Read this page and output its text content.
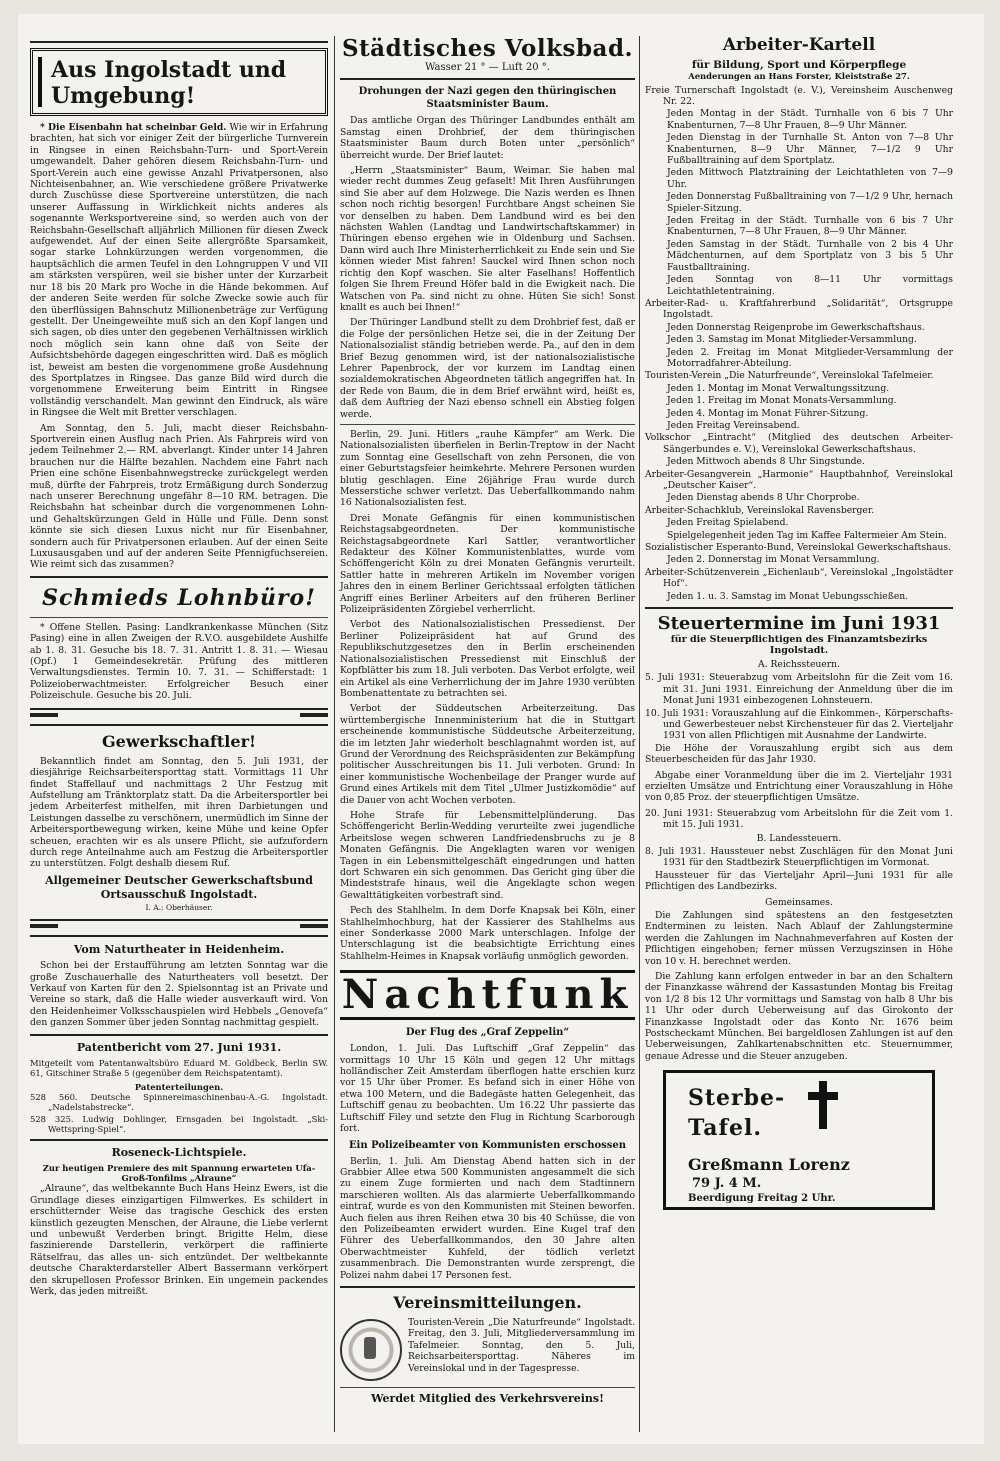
Aus Ingolstadt und Umgebung!

* Die Eisenbahn hat scheinbar Geld. Wie wir in Erfahrung brachten, hat sich vor einiger Zeit der bürgerliche Turnverein in Ringsee in einen Reichsbahn-Turn- und Sport-Verein umgewandelt. Daher gehören diesem Reichsbahn-Turn- und Sport-Verein auch eine gewisse Anzahl Privatpersonen, also Nichteisenbahner, an. Wie verschiedene größere Privatwerke durch Zuschüsse diese Sportvereine unterstützen, die nach unserer Auffassung in Wirklichkeit nichts anderes als sogenannte Werksportvereine sind, so werden auch von der Reichsbahn-Gesellschaft alljährlich Millionen für diesen Zweck aufgewendet. Auf der einen Seite allergrößte Sparsamkeit, sogar starke Lohnkürzungen werden vorgenommen, die hauptsächlich die armen Teufel in den Lohngruppen V und VII am stärksten verspüren, weil sie bisher unter der Kurzarbeit nur 18 bis 20 Mark pro Woche in die Hände bekommen. Auf der anderen Seite werden für solche Zwecke sowie auch für den überflüssigen Bahnschutz Millionenbeträge zur Verfügung gestellt. Der Uneingeweihte muß sich an den Kopf langen und sich sagen, ob dies unter den gegebenen Verhältnissen wirklich noch möglich sein kann ohne daß von Seite der Aufsichtsbehörde dagegen eingeschritten wird. Daß es möglich ist, beweist am besten die vorgenommene große Ausdehnung des Sportplatzes in Ringsee. Das ganze Bild wird durch die vorgenommene Erweiterung beim Eintritt in Ringsee vollständig verschandelt. Man gewinnt den Eindruck, als wäre in Ringsee die Welt mit Bretter verschlagen.

Am Sonntag, den 5. Juli, macht dieser Reichsbahn-Sportverein einen Ausflug nach Prien. Als Fahrpreis wird von jedem Teilnehmer 2.— RM. abverlangt. Kinder unter 14 Jahren brauchen nur die Hälfte bezahlen. Nachdem eine Fahrt nach Prien eine schöne Eisenbahnwegstrecke zurückgelegt werden muß, dürfte der Fahrpreis, trotz Ermäßigung durch Sonderzug nach unserer Berechnung ungefähr 8—10 RM. betragen. Die Reichsbahn hat scheinbar durch die vorgenommenen Lohn- und Gehaltskürzungen Geld in Hülle und Fülle. Denn sonst könnte sie sich diesen Luxus nicht nur für Eisenbahner, sondern auch für Privatpersonen erlauben. Auf der einen Seite Luxusausgaben und auf der anderen Seite Pfennigfuchsereien. Wie reimt sich das zusammen?

Schmieds Lohnbüro!

* Offene Stellen. Pasing: Landkrankenkasse München (Sitz Pasing) eine in allen Zweigen der R.V.O. ausgebildete Aushilfe ab 1. 8. 31. Gesuche bis 18. 7. 31. Antritt 1. 8. 31. — Wiesau (Opf.) 1 Gemeindesekretär. Prüfung des mittleren Verwaltungsdienstes. Termin 10. 7. 31. — Schifferstadt: 1 Polizeioberwachtmeister. Erfolgreicher Besuch einer Polizeischule. Gesuche bis 20. Juli.

Gewerkschaftler!

Bekanntlich findet am Sonntag, den 5. Juli 1931, der diesjährige Reichsarbeitersporttag statt. Vormittags 11 Uhr findet Staffellauf und nachmittags 2 Uhr Festzug mit Aufstellung am Tränktorplatz statt. Da die Arbeitersportler bei jedem Arbeiterfest mithelfen, mit ihren Darbietungen und Leistungen dasselbe zu verschönern, unermüdlich im Sinne der Arbeitersportbewegung wirken, keine Mühe und keine Opfer scheuen, erachten wir es als unsere Pflicht, sie aufzufordern durch rege Anteilnahme auch am Festzug die Arbeitersportler zu unterstützen. Folgt deshalb diesem Ruf.

Allgemeiner Deutscher Gewerkschaftsbund
Ortsausschuß Ingolstadt.
I. A.: Oberhäuser.
Vom Naturtheater in Heidenheim.

Schon bei der Erstaufführung am letzten Sonntag war die große Zuschauerhalle des Naturtheaters voll besetzt. Der Verkauf von Karten für den 2. Spielsonntag ist an Private und Vereine so stark, daß die Halle wieder ausverkauft wird. Von den Heidenheimer Volksschauspielen wird Hebbels „Genovefa“ den ganzen Sommer über jeden Sonntag nachmittag gespielt.

Patentbericht vom 27. Juni 1931.

Mitgeteilt vom Patentanwaltsbüro Eduard M. Goldbeck, Berlin SW. 61, Gitschiner Straße 5 (gegenüber dem Reichspatentamt).

Patenterteilungen.

528 560. Deutsche Spinnereimaschinenbau-A.-G. Ingolstadt. „Nadelstabstrecke“.

528 325. Ludwig Dohlinger, Ernsgaden bei Ingolstadt. „Ski-Wettspring-Spiel“.

Roseneck-Lichtspiele.
Zur heutigen Premiere des mit Spannung erwarteten Ufa-Groß-Tonfilms „Alraune“

„Alraune“, das weltbekannte Buch Hans Heinz Ewers, ist die Grundlage dieses einzigartigen Filmwerkes. Es schildert in erschütternder Weise das tragische Geschick des ersten künstlich gezeugten Menschen, der Alraune, die Liebe verlernt und unbewußt Verderben bringt. Brigitte Helm, diese faszinierende Darstellerin, verkörpert die raffinierte Rätselfrau, das alles un- sich entzündet. Der weltbekannte deutsche Charakterdarsteller Albert Bassermann verkörpert den skrupellosen Professor Brinken. Ein ungemein packendes Werk, das jeden mitreißt.

Städtisches Volksbad.
Wasser 21 ° — Luft 20 °.
Drohungen der Nazi gegen den thüringischen Staatsminister Baum.

Das amtliche Organ des Thüringer Landbundes enthält am Samstag einen Drohbrief, der dem thüringischen Staatsminister Baum durch Boten unter „persönlich“ überreicht wurde. Der Brief lautet:

„Herrn „Staatsminister“ Baum, Weimar. Sie haben mal wieder recht dummes Zeug gefaselt! Mit Ihren Ausführungen sind Sie aber auf dem Holzwege. Die Nazis werden es Ihnen schon noch richtig besorgen! Furchtbare Angst scheinen Sie vor denselben zu haben. Dem Landbund wird es bei den nächsten Wahlen (Landtag und Landwirtschaftskammer) in Thüringen ebenso ergehen wie in Oldenburg und Sachsen. Dann wird auch Ihre Ministerherrlichkeit zu Ende sein und Sie können wieder Mist fahren! Sauckel wird Ihnen schon noch richtig den Kopf waschen. Sie alter Faselhans! Hoffentlich folgen Sie Ihrem Freund Höfer bald in die Ewigkeit nach. Die Watschen von Pa. sind nicht zu ohne. Hüten Sie sich! Sonst knallt es auch bei Ihnen!“

Der Thüringer Landbund stellt zu dem Drohbrief fest, daß er die Folge der persönlichen Hetze sei, die in der Zeitung Der Nationalsozialist ständig betrieben werde. Pa., auf den in dem Brief Bezug genommen wird, ist der nationalsozialistische Lehrer Papenbrock, der vor kurzem im Landtag einen sozialdemokratischen Abgeordneten tätlich angegriffen hat. In der Rede von Baum, die in dem Brief erwähnt wird, heißt es, daß dem Auftrieg der Nazi ebenso schnell ein Abstieg folgen werde.

Berlin, 29. Juni. Hitlers „rauhe Kämpfer“ am Werk. Die Nationalsozialisten überfielen in Berlin-Treptow in der Nacht zum Sonntag eine Gesellschaft von zehn Personen, die von einer Geburtstagsfeier heimkehrte. Mehrere Personen wurden blutig geschlagen. Eine 26jährige Frau wurde durch Messerstiche schwer verletzt. Das Ueberfallkommando nahm 16 Nationalsozialisten fest.

Drei Monate Gefängnis für einen kommunistischen Reichstagsabgeordneten. Der kommunistische Reichstagsabgeordnete Karl Sattler, verantwortlicher Redakteur des Kölner Kommunistenblattes, wurde vom Schöffengericht Köln zu drei Monaten Gefängnis verurteilt. Sattler hatte in mehreren Artikeln im November vorigen Jahres den in einem Berliner Gerichtssaal erfolgten tätlichen Angriff eines Berliner Arbeiters auf den früheren Berliner Polizeipräsidenten Zörgiebel verherrlicht.

Verbot des Nationalsozialistischen Pressedienst. Der Berliner Polizeipräsident hat auf Grund des Republikschutzgesetzes den in Berlin erscheinenden Nationalsozialistischen Pressedienst mit Einschluß der Kopfblätter bis zum 18. Juli verboten. Das Verbot erfolgte, weil ein Artikel als eine Verherrlichung der im Jahre 1930 verübten Bombenattentate zu betrachten sei.

Verbot der Süddeutschen Arbeiterzeitung. Das württembergische Innenministerium hat die in Stuttgart erscheinende kommunistische Süddeutsche Arbeiterzeitung, die im letzten Jahr wiederholt beschlagnahmt worden ist, auf Grund der Verordnung des Reichspräsidenten zur Bekämpfung politischer Ausschreitungen bis 11. Juli verboten. Grund: In einer kommunistische Wochenbeilage der Pranger wurde auf Grund eines Artikels mit dem Titel „Ulmer Justizkomödie“ auf die Dauer von acht Wochen verboten.

Hohe Strafe für Lebensmittelplünderung. Das Schöffengericht Berlin-Wedding verurteilte zwei jugendliche Arbeitslose wegen schweren Landfriedensbruchs zu je 8 Monaten Gefängnis. Die Angeklagten waren vor wenigen Tagen in ein Lebensmittelgeschäft eingedrungen und hatten dort Schwaren ein sich genommen. Das Gericht ging über die Mindeststrafe hinaus, weil die Angeklagte schon wegen Gewalttätigkeiten vorbestraft sind.

Pech des Stahlhelm. In dem Dorfe Knapsak bei Köln, einer Stahlhelmhochburg, hat der Kassierer des Stahlhelms aus einer Sonderkasse 2000 Mark unterschlagen. Infolge der Unterschlagung ist die beabsichtigte Errichtung eines Stahlhelm-Heimes in Knapsak vorläufig unmöglich geworden.

Nachtfunk
Der Flug des „Graf Zeppelin“

London, 1. Juli. Das Luftschiff „Graf Zeppelin“ das vormittags 10 Uhr 15 Köln und gegen 12 Uhr mittags holländischer Zeit Amsterdam überflogen hatte erschien kurz vor 15 Uhr über Promer. Es befand sich in einer Höhe von etwa 100 Metern, und die Badegäste hatten Gelegenheit, das Luftschiff genau zu beobachten. Um 16.22 Uhr passierte das Luftschiff Filey und setzte den Flug in Richtung Scarborough fort.

Ein Polizeibeamter von Kommunisten erschossen

Berlin, 1. Juli. Am Dienstag Abend hatten sich in der Grabbier Allee etwa 500 Kommunisten angesammelt die sich zu einem Zuge formierten und nach dem Stadtinnern marschieren wollten. Als das alarmierte Ueberfallkommando eintraf, wurde es von den Kommunisten mit Steinen beworfen. Auch fielen aus ihren Reihen etwa 30 bis 40 Schüsse, die von den Polizeibeamten erwidert wurden. Eine Kugel traf den Führer des Ueberfallkommandos, den 30 Jahre alten Oberwachtmeister Kuhfeld, der tödlich verletzt zusammenbrach. Die Demonstranten wurde zersprengt, die Polizei nahm dabei 17 Personen fest.

Vereinsmitteilungen.

Touristen-Verein „Die Naturfreunde“ Ingolstadt. Freitag, den 3. Juli, Mitgliederversammlung im Tafelmeier. Sonntag, den 5. Juli, Reichsarbeitersporttag. Näheres im Vereinslokal und in der Tagespresse.

Werdet Mitglied des Verkehrsvereins!
Arbeiter-Kartell
für Bildung, Sport und Körperpflege
Aenderungen an Hans Forster, Kleiststraße 27.

Freie Turnerschaft Ingolstadt (e. V.), Vereinsheim Auschenweg Nr. 22.

Jeden Montag in der Städt. Turnhalle von 6 bis 7 Uhr Knabenturnen, 7—8 Uhr Frauen, 8—9 Uhr Männer.

Jeden Dienstag in der Turnhalle St. Anton von 7—8 Uhr Knabenturnen, 8—9 Uhr Männer, 7—1/2 9 Uhr Fußballtraining auf dem Sportplatz.

Jeden Mittwoch Platztraining der Leichtathleten von 7—9 Uhr.

Jeden Donnerstag Fußballtraining von 7—1/2 9 Uhr, hernach Spieler-Sitzung.

Jeden Freitag in der Städt. Turnhalle von 6 bis 7 Uhr Knabenturnen, 7—8 Uhr Frauen, 8—9 Uhr Männer.

Jeden Samstag in der Städt. Turnhalle von 2 bis 4 Uhr Mädchenturnen, auf dem Sportplatz von 3 bis 5 Uhr Faustballtraining.

Jeden Sonntag von 8—11 Uhr vormittags Leichtathletentraining.

Arbeiter-Rad- u. Kraftfahrerbund „Solidarität“, Ortsgruppe Ingolstadt.

Jeden Donnerstag Reigenprobe im Gewerkschaftshaus.

Jeden 3. Samstag im Monat Mitglieder-Versammlung.

Jeden 2. Freitag im Monat Mitglieder-Versammlung der Motorradfahrer-Abteilung.

Touristen-Verein „Die Naturfreunde“, Vereinslokal Tafelmeier.

Jeden 1. Montag im Monat Verwaltungssitzung.

Jeden 1. Freitag im Monat Monats-Versammlung.

Jeden 4. Montag im Monat Führer-Sitzung.

Jeden Freitag Vereinsabend.

Volkschor „Eintracht“ (Mitglied des deutschen Arbeiter-Sängerbundes e. V.), Vereinslokal Gewerkschaftshaus.

Jeden Mittwoch abends 8 Uhr Singstunde.

Arbeiter-Gesangverein „Harmonie“ Hauptbahnhof, Vereinslokal „Deutscher Kaiser“.

Jeden Dienstag abends 8 Uhr Chorprobe.

Arbeiter-Schachklub, Vereinslokal Ravensberger.

Jeden Freitag Spielabend.

Spielgelegenheit jeden Tag im Kaffee Faltermeier Am Stein.

Sozialistischer Esperanto-Bund, Vereinslokal Gewerkschaftshaus.

Jeden 2. Donnerstag im Monat Versammlung.

Arbeiter-Schützenverein „Eichenlaub“, Vereinslokal „Ingolstädter Hof“.

Jeden 1. u. 3. Samstag im Monat Uebungsschießen.

Steuertermine im Juni 1931
für die Steuerpflichtigen des Finanzamtsbezirks Ingolstadt.
A. Reichssteuern.

5. Juli 1931: Steuerabzug vom Arbeitslohn für die Zeit vom 16. mit 31. Juni 1931. Einreichung der Anmeldung über die im Monat Juni 1931 einbezogenen Lohnsteuern.

10. Juli 1931: Vorauszahlung auf die Einkommen-, Körperschafts- und Gewerbesteuer nebst Kirchensteuer für das 2. Vierteljahr 1931 von allen Pflichtigen mit Ausnahme der Landwirte.

Die Höhe der Vorauszahlung ergibt sich aus dem Steuerbescheiden für das Jahr 1930.

Abgabe einer Voranmeldung über die im 2. Vierteljahr 1931 erzielten Umsätze und Entrichtung einer Vorauszahlung in Höhe von 0,85 Proz. der steuerpflichtigen Umsätze.

20. Juni 1931: Steuerabzug vom Arbeitslohn für die Zeit vom 1. mit 15. Juli 1931.

B. Landessteuern.

8. Juli 1931. Haussteuer nebst Zuschlägen für den Monat Juni 1931 für den Stadtbezirk Steuerpflichtigen im Vormonat.

Haussteuer für das Vierteljahr April—Juni 1931 für alle Pflichtigen des Landbezirks.

Gemeinsames.

Die Zahlungen sind spätestens an den festgesetzten Endterminen zu leisten. Nach Ablauf der Zahlungstermine werden die Zahlungen im Nachnahmeverfahren auf Kosten der Pflichtigen eingehoben; ferner müssen Verzugszinsen in Höhe von 10 v. H. berechnet werden.

Die Zahlung kann erfolgen entweder in bar an den Schaltern der Finanzkasse während der Kassastunden Montag bis Freitag von 1/2 8 bis 12 Uhr vormittags und Samstag von halb 8 Uhr bis 11 Uhr oder durch Ueberweisung auf das Girokonto der Finanzkasse Ingolstadt oder das Konto Nr. 1676 beim Postscheckamt München. Bei bargeldlosen Zahlungen ist auf den Ueberweisungen, Zahlkartenabschnitten etc. Steuernummer, genaue Adresse und die Steuer anzugeben.

Sterbe-  Tafel.
Greßmann Lorenz
79 J. 4 M.
Beerdigung Freitag 2 Uhr.
